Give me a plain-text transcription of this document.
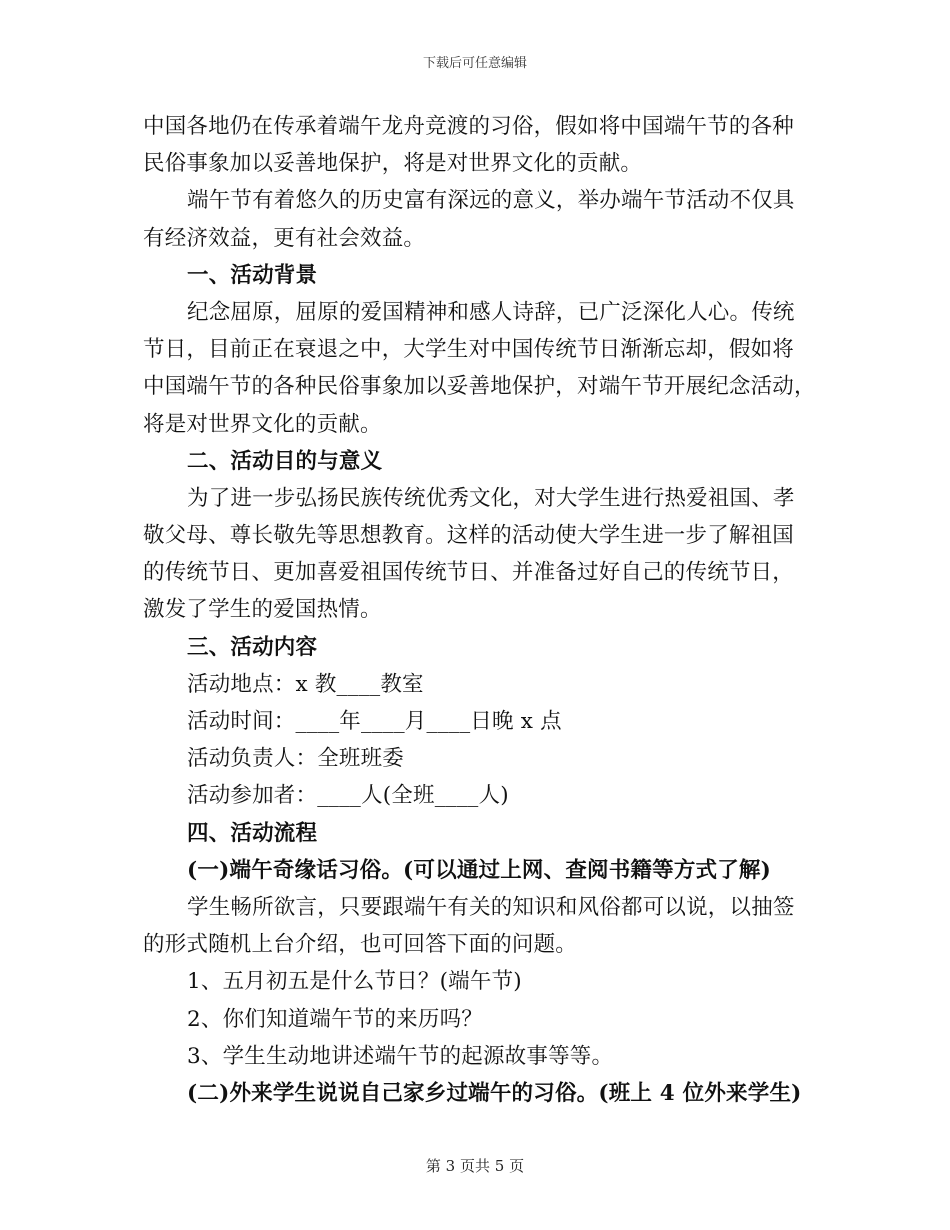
下载后可任意编辑
中国各地仍在传承着端午龙舟竞渡的习俗，假如将中国端午节的各种
民俗事象加以妥善地保护，将是对世界文化的贡献。
端午节有着悠久的历史富有深远的意义，举办端午节活动不仅具
有经济效益，更有社会效益。
一、活动背景
纪念屈原，屈原的爱国精神和感人诗辞，已广泛深化人心。传统
节日，目前正在衰退之中，大学生对中国传统节日渐渐忘却，假如将
中国端午节的各种民俗事象加以妥善地保护，对端午节开展纪念活动，
将是对世界文化的贡献。
二、活动目的与意义
为了进一步弘扬民族传统优秀文化，对大学生进行热爱祖国、孝
敬父母、尊长敬先等思想教育。这样的活动使大学生进一步了解祖国
的传统节日、更加喜爱祖国传统节日、并准备过好自己的传统节日，
激发了学生的爱国热情。
三、活动内容
活动地点：x 教____教室
活动时间：____年____月____日晚 x 点
活动负责人：全班班委
活动参加者：____人(全班____人)
四、活动流程
(一)端午奇缘话习俗。(可以通过上网、查阅书籍等方式了解)
学生畅所欲言，只要跟端午有关的知识和风俗都可以说，以抽签
的形式随机上台介绍，也可回答下面的问题。
1、五月初五是什么节日？(端午节)
2、你们知道端午节的来历吗？
3、学生生动地讲述端午节的起源故事等等。
(二)外来学生说说自己家乡过端午的习俗。(班上 4 位外来学生)
第 3 页共 5 页
